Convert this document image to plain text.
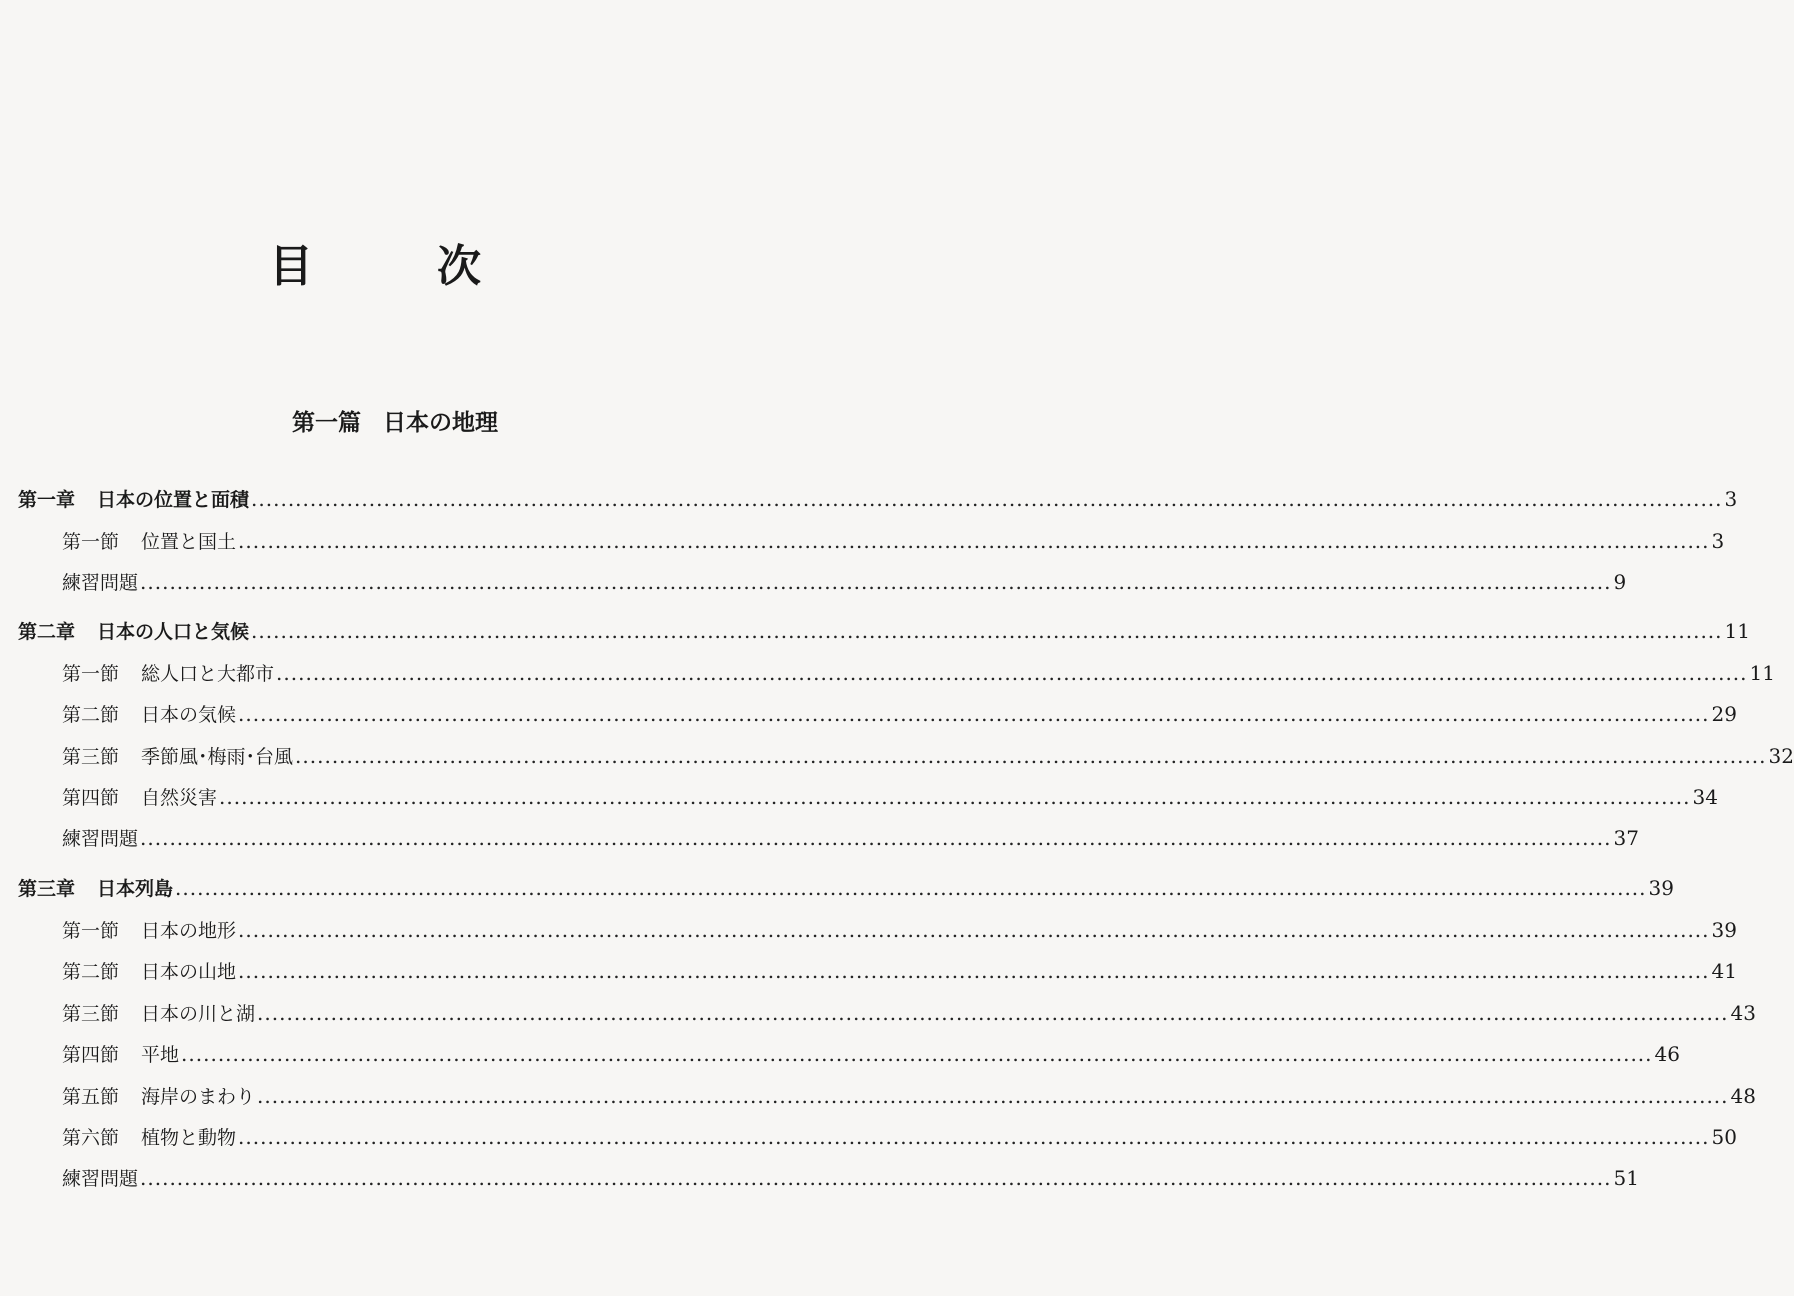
目　次
第一篇 日本の地理
第一章 日本の位置と面積 ........................................................................................................................................................................................................ 3
第一節 位置と国土 ........................................................................................................................................................................................................ 3
練習問題 ........................................................................................................................................................................................................ 9
第二章 日本の人口と気候 ........................................................................................................................................................................................................ 11
第一節 総人口と大都市 ........................................................................................................................................................................................................ 11
第二節 日本の気候 ........................................................................................................................................................................................................ 29
第三節 季節風･梅雨･台風 ........................................................................................................................................................................................................ 32
第四節 自然災害 ........................................................................................................................................................................................................ 34
練習問題 ........................................................................................................................................................................................................ 37
第三章 日本列島 ........................................................................................................................................................................................................ 39
第一節 日本の地形 ........................................................................................................................................................................................................ 39
第二節 日本の山地 ........................................................................................................................................................................................................ 41
第三節 日本の川と湖 ........................................................................................................................................................................................................ 43
第四節 平地 ........................................................................................................................................................................................................ 46
第五節 海岸のまわり ........................................................................................................................................................................................................ 48
第六節 植物と動物 ........................................................................................................................................................................................................ 50
練習問題 ........................................................................................................................................................................................................ 51
